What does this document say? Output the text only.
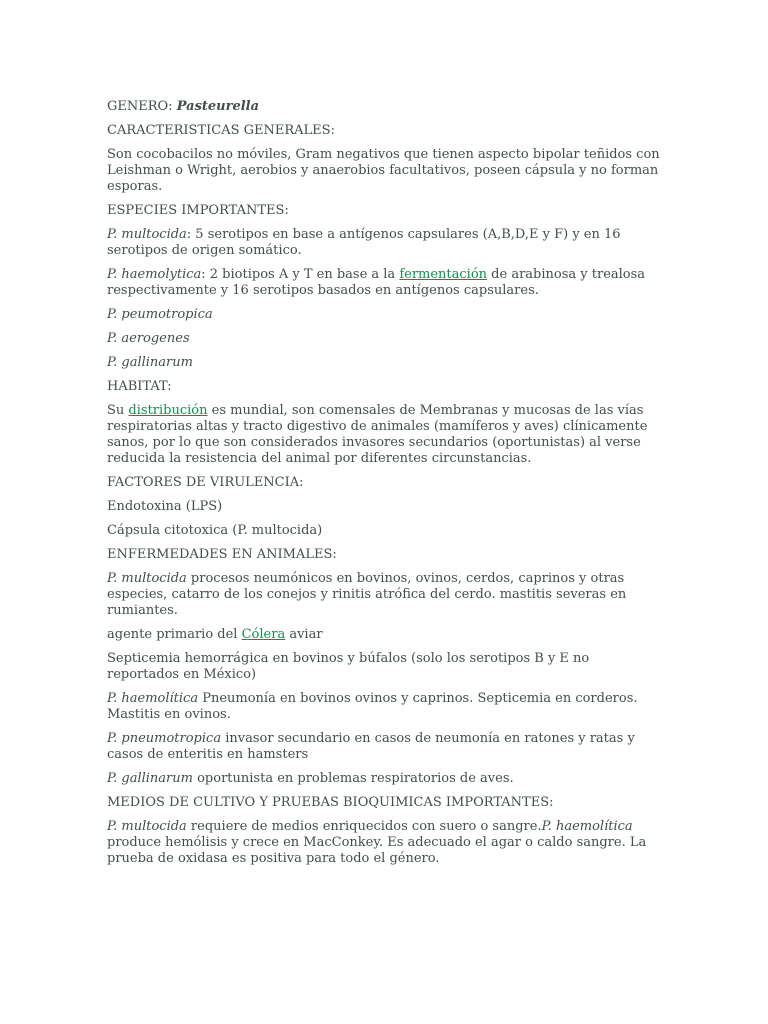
GENERO: Pasteurella

CARACTERISTICAS GENERALES:

Son cocobacilos no móviles, Gram negativos que tienen aspecto bipolar teñidos con Leishman o Wright, aerobios y anaerobios facultativos, poseen cápsula y no forman esporas.

ESPECIES IMPORTANTES:

P. multocida: 5 serotipos en base a antígenos capsulares (A,B,D,E y F) y en 16 serotipos de origen somático.

P. haemolytica: 2 biotipos A y T en base a la fermentación de arabinosa y trealosa respectivamente y 16 serotipos basados en antígenos capsulares.

P. peumotropica

P. aerogenes

P. gallinarum

HABITAT:

Su distribución es mundial, son comensales de Membranas y mucosas de las vías respiratorias altas y tracto digestivo de animales (mamíferos y aves) clínicamente sanos, por lo que son considerados invasores secundarios (oportunistas) al verse reducida la resistencia del animal por diferentes circunstancias.

FACTORES DE VIRULENCIA:

Endotoxina (LPS)

Cápsula citotoxica (P. multocida)

ENFERMEDADES EN ANIMALES:

P. multocida procesos neumónicos en bovinos, ovinos, cerdos, caprinos y otras especies, catarro de los conejos y rinitis atrófica del cerdo. mastitis severas en rumiantes.

agente primario del Cólera aviar

Septicemia hemorrágica en bovinos y búfalos (solo los serotipos B y E no reportados en México)

P. haemolítica Pneumonía en bovinos ovinos y caprinos. Septicemia en corderos. Mastitis en ovinos.

P. pneumotropica invasor secundario en casos de neumonía en ratones y ratas y casos de enteritis en hamsters

P. gallinarum oportunista en problemas respiratorios de aves.

MEDIOS DE CULTIVO Y PRUEBAS BIOQUIMICAS IMPORTANTES:

P. multocida requiere de medios enriquecidos con suero o sangre.P. haemolítica produce hemólisis y crece en MacConkey. Es adecuado el agar o caldo sangre. La prueba de oxidasa es positiva para todo el género.
